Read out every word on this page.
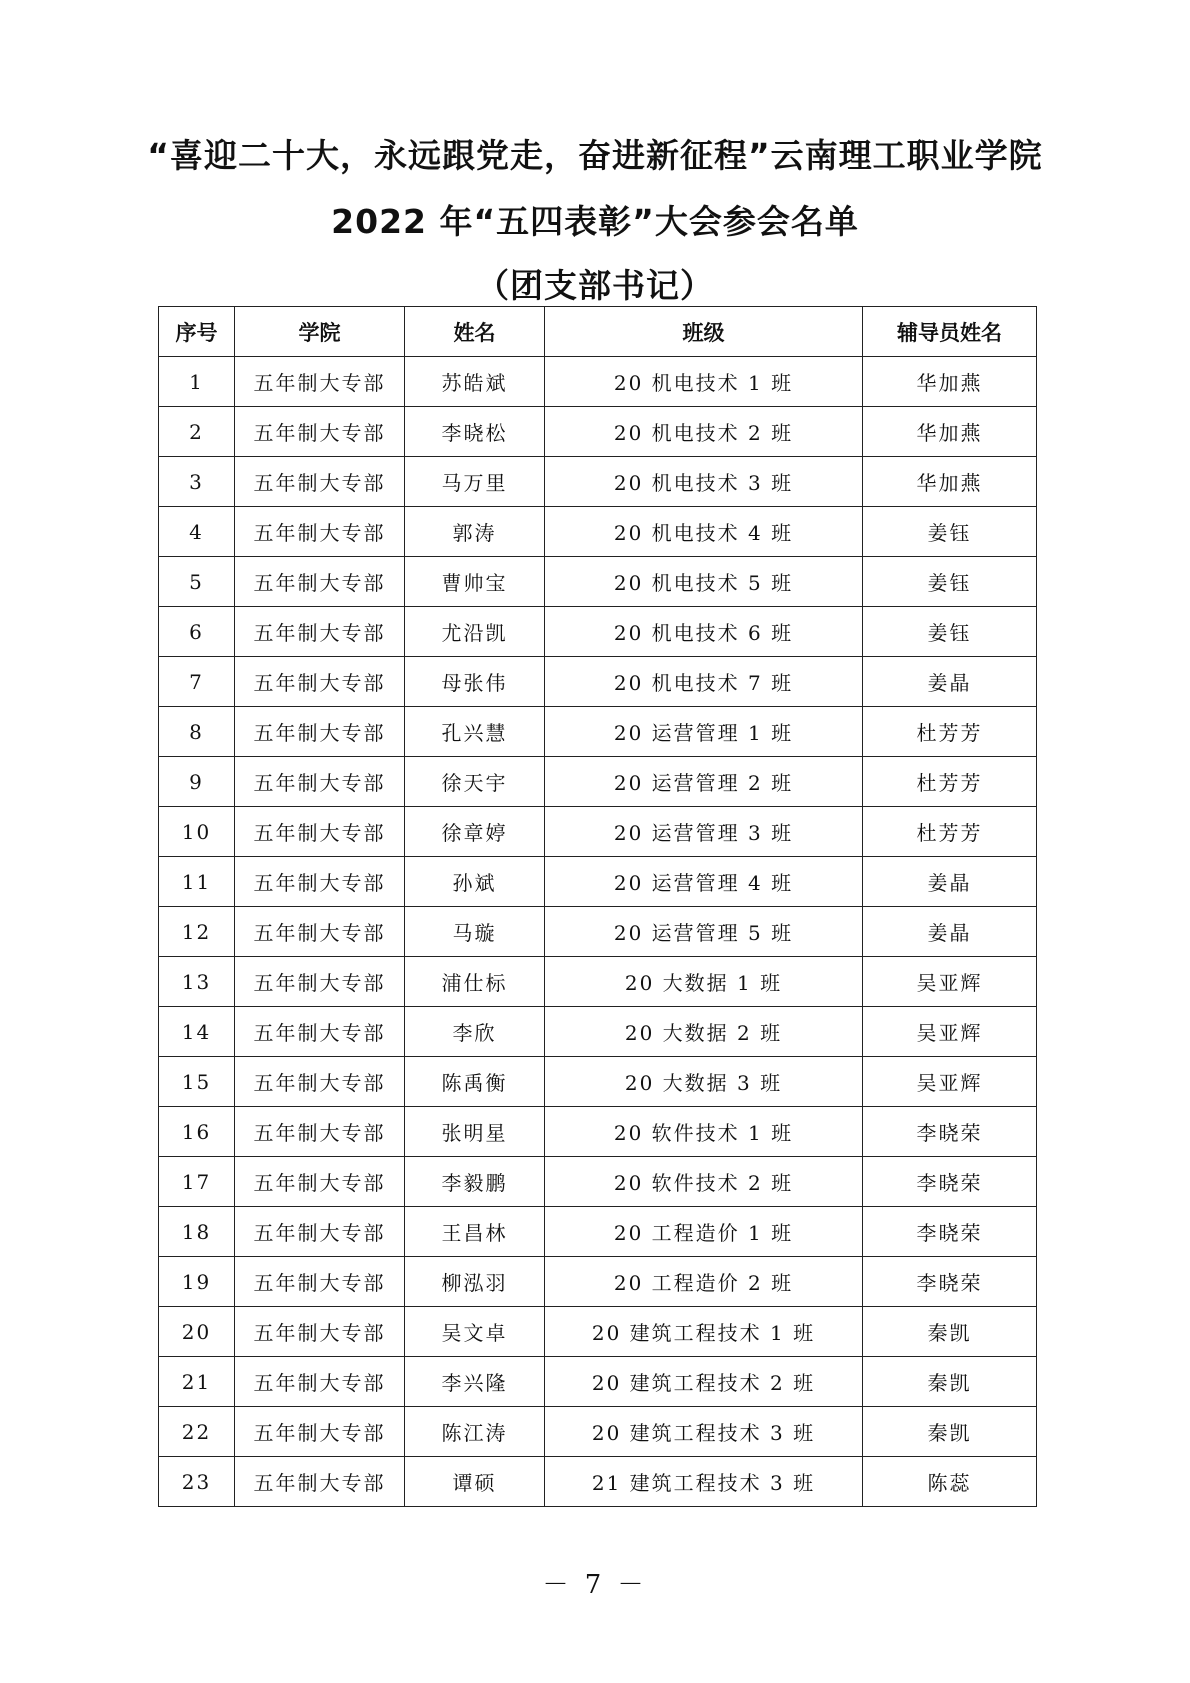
“喜迎二十大，永远跟党走，奋进新征程”云南理工职业学院
2022 年“五四表彰”大会参会名单
（团支部书记）
序号	学院	姓名	班级	辅导员姓名
1	五年制大专部	苏皓斌	20 机电技术 1 班	华加燕
2	五年制大专部	李晓松	20 机电技术 2 班	华加燕
3	五年制大专部	马万里	20 机电技术 3 班	华加燕
4	五年制大专部	郭涛	20 机电技术 4 班	姜钰
5	五年制大专部	曹帅宝	20 机电技术 5 班	姜钰
6	五年制大专部	尤沿凯	20 机电技术 6 班	姜钰
7	五年制大专部	母张伟	20 机电技术 7 班	姜晶
8	五年制大专部	孔兴慧	20 运营管理 1 班	杜芳芳
9	五年制大专部	徐天宇	20 运营管理 2 班	杜芳芳
10	五年制大专部	徐章婷	20 运营管理 3 班	杜芳芳
11	五年制大专部	孙斌	20 运营管理 4 班	姜晶
12	五年制大专部	马璇	20 运营管理 5 班	姜晶
13	五年制大专部	浦仕标	20 大数据 1 班	吴亚辉
14	五年制大专部	李欣	20 大数据 2 班	吴亚辉
15	五年制大专部	陈禹衡	20 大数据 3 班	吴亚辉
16	五年制大专部	张明星	20 软件技术 1 班	李晓荣
17	五年制大专部	李毅鹏	20 软件技术 2 班	李晓荣
18	五年制大专部	王昌林	20 工程造价 1 班	李晓荣
19	五年制大专部	柳泓羽	20 工程造价 2 班	李晓荣
20	五年制大专部	吴文卓	20 建筑工程技术 1 班	秦凯
21	五年制大专部	李兴隆	20 建筑工程技术 2 班	秦凯
22	五年制大专部	陈江涛	20 建筑工程技术 3 班	秦凯
23	五年制大专部	谭硕	21 建筑工程技术 3 班	陈蕊
－ 7 －
